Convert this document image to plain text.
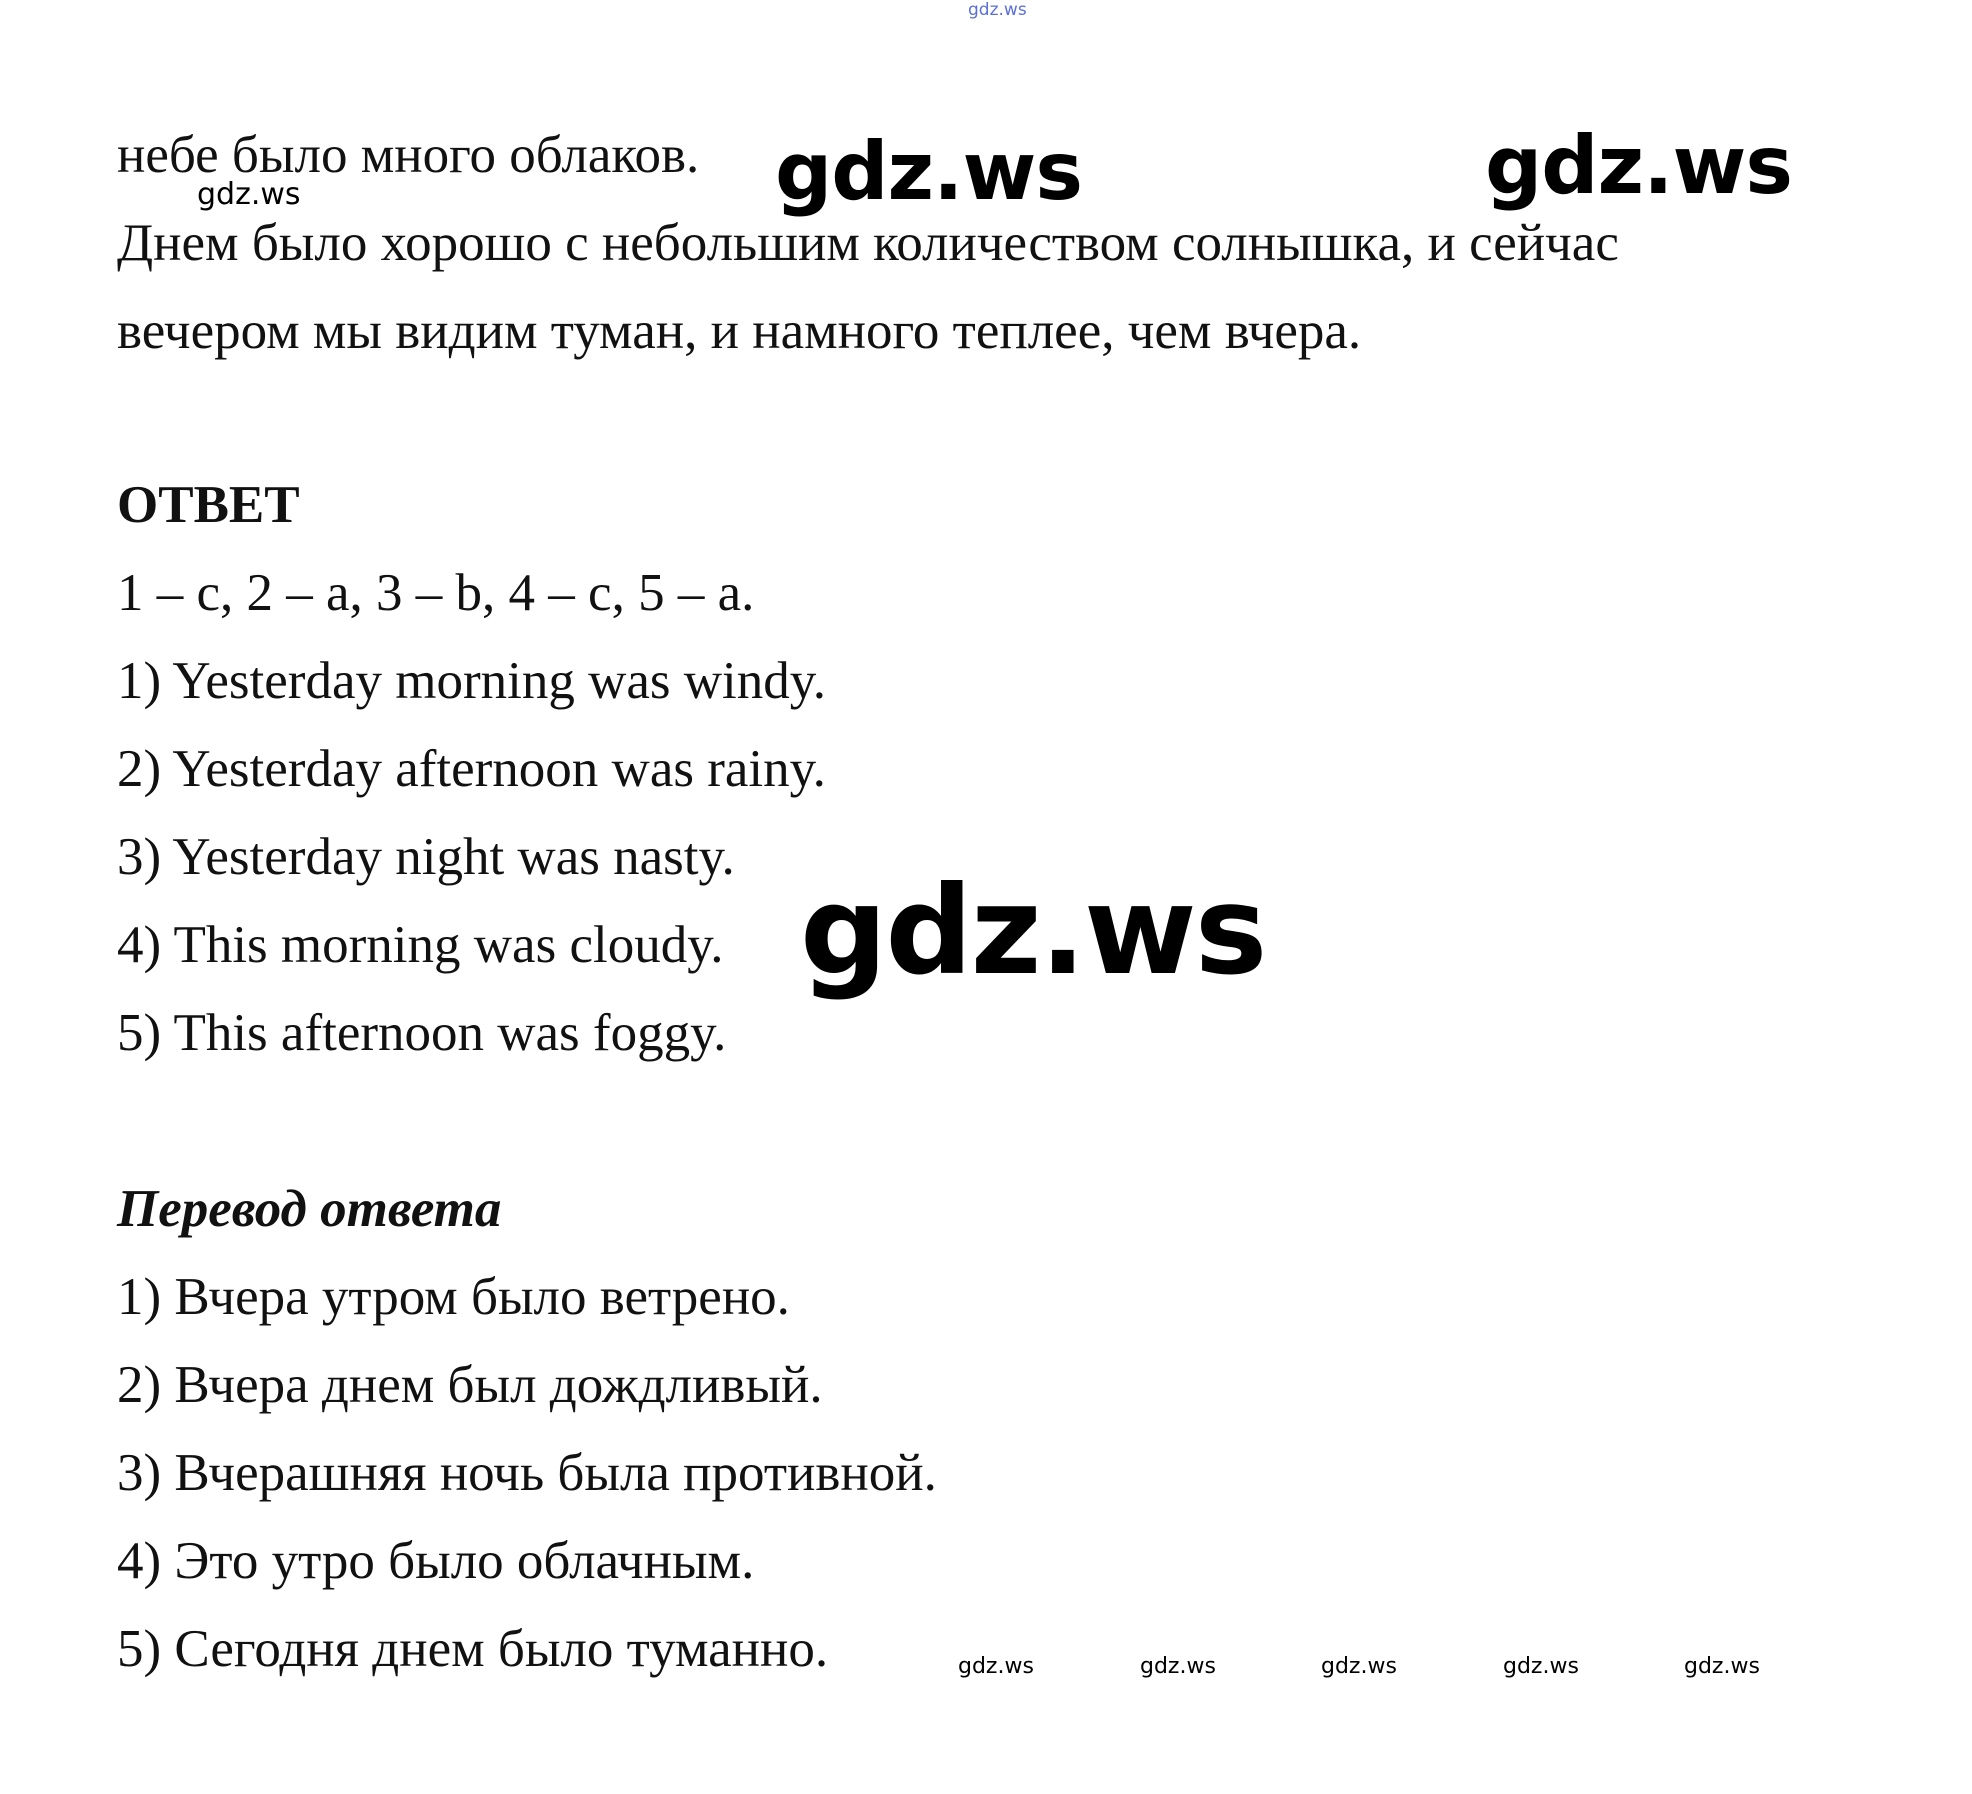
gdz.ws
gdz.ws	gdz.ws
gdz.ws
gdz.ws
gdz.ws	gdz.ws	gdz.ws	gdz.ws	gdz.ws
небе было много облаков.
Днем было хорошо с небольшим количеством солнышка, и сейчас
вечером мы видим туман, и намного теплее, чем вчера.
ОТВЕТ
1 – c, 2 – a, 3 – b, 4 – c, 5 – a.
1) Yesterday morning was windy.
2) Yesterday afternoon was rainy.
3) Yesterday night was nasty.
4) This morning was cloudy.
5) This afternoon was foggy.
Перевод ответа
1) Вчера утром было ветрено.
2) Вчера днем был дождливый.
3) Вчерашняя ночь была противной.
4) Это утро было облачным.
5) Сегодня днем было туманно.
